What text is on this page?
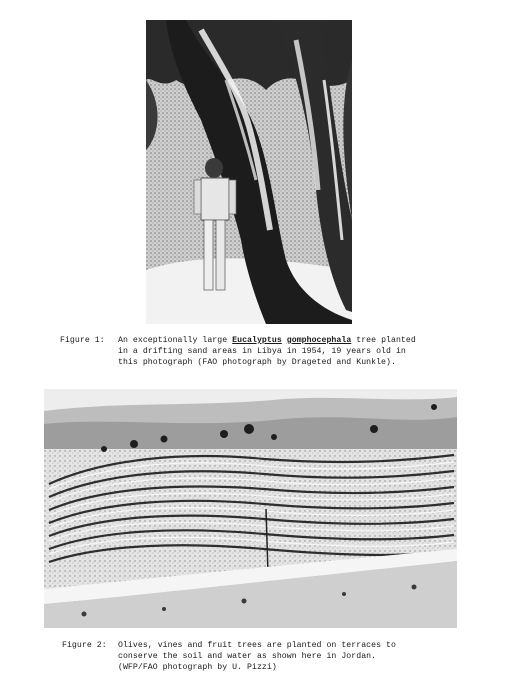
Figure 1: An exceptionally large Eucalyptus gomphocephala tree planted
in a drifting sand areas in Libya in 1954, 19 years old in
this photograph (FAO photograph by Drageted and Kunkle).
Figure 2: Olives, vines and fruit trees are planted on terraces to
conserve the soil and water as shown here in Jordan.
(WFP/FAO photograph by U. Pizzi)
